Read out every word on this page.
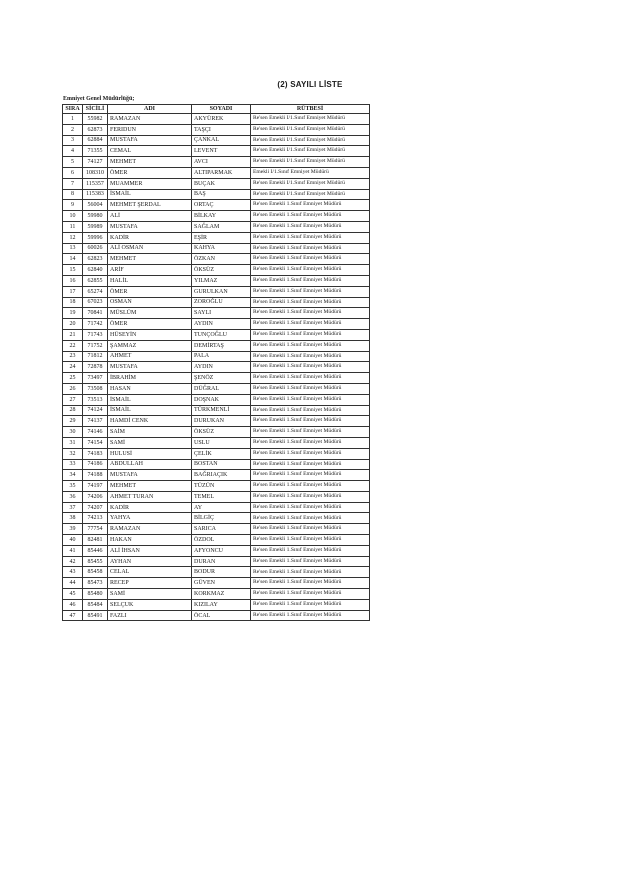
(2) SAYILI LİSTE
Emniyet Genel Müdürlüğü;
SIRA	SİCİLİ	ADI	SOYADI	RÜTBESİ
1	55982	RAMAZAN	AKYÜREK	Re'sen Emekli I/1.Sınıf Emniyet Müdürü
2	62873	FERIDUN	TAŞÇI	Re'sen Emekli I/1.Sınıf Emniyet Müdürü
3	62884	MUSTAFA	ÇANKAL	Re'sen Emekli I/1.Sınıf Emniyet Müdürü
4	71355	CEMAL	LEVENT	Re'sen Emekli I/1.Sınıf Emniyet Müdürü
5	74127	MEHMET	AVCI	Re'sen Emekli I/1.Sınıf Emniyet Müdürü
6	108310	ÖMER	ALTIPARMAK	Emekli I/1.Sınıf Emniyet Müdürü
7	115357	MUAMMER	BUÇAK	Re'sen Emekli I/1.Sınıf Emniyet Müdürü
8	115383	İSMAİL	BAŞ	Re'sen Emekli I/1.Sınıf Emniyet Müdürü
9	56004	MEHMET ŞERDAL	ORTAÇ	Re'sen Emekli 1.Sınıf Emniyet Müdürü
10	59980	ALİ	BİLKAY	Re'sen Emekli 1.Sınıf Emniyet Müdürü
11	59989	MUSTAFA	SAĞLAM	Re'sen Emekli 1.Sınıf Emniyet Müdürü
12	59996	KADİR	EŞİR	Re'sen Emekli 1.Sınıf Emniyet Müdürü
13	60026	ALİ OSMAN	KAHYA	Re'sen Emekli 1.Sınıf Emniyet Müdürü
14	62823	MEHMET	ÖZKAN	Re'sen Emekli 1.Sınıf Emniyet Müdürü
15	62840	ARİF	ÖKSÜZ	Re'sen Emekli 1.Sınıf Emniyet Müdürü
16	62855	HALİL	YILMAZ	Re'sen Emekli 1.Sınıf Emniyet Müdürü
17	65274	ÖMER	GURULKAN	Re'sen Emekli 1.Sınıf Emniyet Müdürü
18	67023	OSMAN	ZOROĞLU	Re'sen Emekli 1.Sınıf Emniyet Müdürü
19	70841	MÜSLÜM	SAYLI	Re'sen Emekli 1.Sınıf Emniyet Müdürü
20	71742	ÖMER	AYDIN	Re'sen Emekli 1.Sınıf Emniyet Müdürü
21	71743	HÜSEYİN	TUNÇOĞLU	Re'sen Emekli 1.Sınıf Emniyet Müdürü
22	71752	ŞAMMAZ	DEMİRTAŞ	Re'sen Emekli 1.Sınıf Emniyet Müdürü
23	71812	AHMET	PALA	Re'sen Emekli 1.Sınıf Emniyet Müdürü
24	72878	MUSTAFA	AYDIN	Re'sen Emekli 1.Sınıf Emniyet Müdürü
25	73497	İBRAHİM	ŞENÖZ	Re'sen Emekli 1.Sınıf Emniyet Müdürü
26	73508	HASAN	DÜĞRAL	Re'sen Emekli 1.Sınıf Emniyet Müdürü
27	73513	İSMAİL	DOŞNAK	Re'sen Emekli 1.Sınıf Emniyet Müdürü
28	74124	İSMAİL	TÜRKMENLİ	Re'sen Emekli 1.Sınıf Emniyet Müdürü
29	74137	HAMDİ CENK	DURUKAN	Re'sen Emekli 1.Sınıf Emniyet Müdürü
30	74146	SAİM	ÖKSÜZ	Re'sen Emekli 1.Sınıf Emniyet Müdürü
31	74154	SAMİ	USLU	Re'sen Emekli 1.Sınıf Emniyet Müdürü
32	74183	HULUSİ	ÇELİK	Re'sen Emekli 1.Sınıf Emniyet Müdürü
33	74186	ABDULLAH	BOSTAN	Re'sen Emekli 1.Sınıf Emniyet Müdürü
34	74188	MUSTAFA	BAĞRIAÇIK	Re'sen Emekli 1.Sınıf Emniyet Müdürü
35	74197	MEHMET	TÜZÜN	Re'sen Emekli 1.Sınıf Emniyet Müdürü
36	74206	AHMET TURAN	TEMEL	Re'sen Emekli 1.Sınıf Emniyet Müdürü
37	74207	KADİR	AY	Re'sen Emekli 1.Sınıf Emniyet Müdürü
38	74213	YAHYA	BİLGİÇ	Re'sen Emekli 1.Sınıf Emniyet Müdürü
39	77754	RAMAZAN	SARICA	Re'sen Emekli 1.Sınıf Emniyet Müdürü
40	82481	HAKAN	ÖZDOL	Re'sen Emekli 1.Sınıf Emniyet Müdürü
41	85446	ALİ İHSAN	AFYONCU	Re'sen Emekli 1.Sınıf Emniyet Müdürü
42	85455	AYHAN	DURAN	Re'sen Emekli 1.Sınıf Emniyet Müdürü
43	85458	CELAL	BODUR	Re'sen Emekli 1.Sınıf Emniyet Müdürü
44	85473	RECEP	GÜVEN	Re'sen Emekli 1.Sınıf Emniyet Müdürü
45	85480	SAMİ	KORKMAZ	Re'sen Emekli 1.Sınıf Emniyet Müdürü
46	85484	SELÇUK	KIZILAY	Re'sen Emekli 1.Sınıf Emniyet Müdürü
47	85491	FAZLI	ÖCAL	Re'sen Emekli 1.Sınıf Emniyet Müdürü
